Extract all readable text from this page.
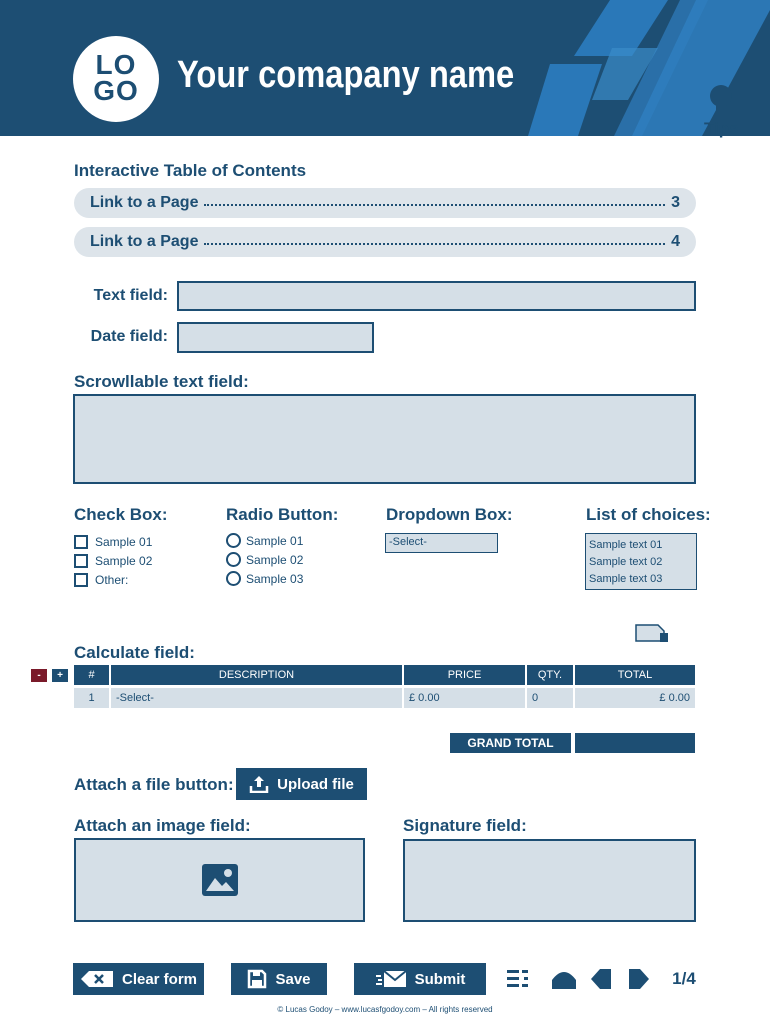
LO
GO	Your comapany name
Tips
Interactive Table of Contents
Link to a Page	3
Link to a Page	4
Text field:
Date field:
Scrowllable text field:
Check Box:
Sample 01
Sample 02
Other:
Radio Button:
Sample 01
Sample 02
Sample 03
Dropdown Box:
-Select-
List of choices:
Sample text 01
Sample text 02
Sample text 03
Calculate field:
-	+	#	DESCRIPTION	PRICE	QTY.	TOTAL
1	-Select-	£ 0.00	0	£ 0.00
GRAND TOTAL
Attach a file button:	Upload file
Attach an image field:	Signature field:
Clear form	Save	Submit	1/4
© Lucas Godoy – www.lucasfgodoy.com – All rights reserved
